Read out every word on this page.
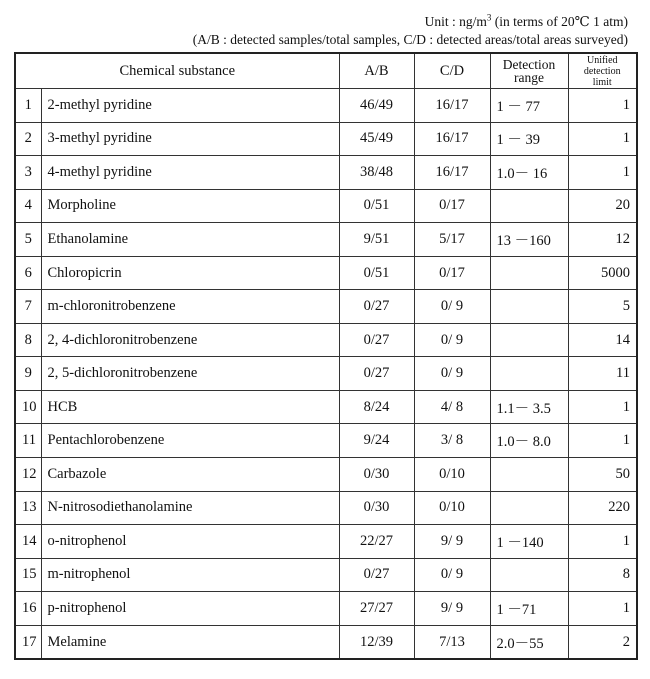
Unit : $ng/m^3$ (in terms of 20℃ 1 atm)
(A/B : detected samples/total samples, C/D : detected areas/total areas surveyed)
Chemical substance		A/B	C/D	Detection range	Unified detection limit
1	2-methyl pyridine	46/49	16/17	1 － 77	1
2	3-methyl pyridine	45/49	16/17	1 － 39	1
3	4-methyl pyridine	38/48	16/17	1.0－ 16	1
4	Morpholine	0/51	0/17		20
5	Ethanolamine	9/51	5/17	13 －160	12
6	Chloropicrin	0/51	0/17		5000
7	m-chloronitrobenzene	0/27	0/ 9		5
8	2, 4-dichloronitrobenzene	0/27	0/ 9		14
9	2, 5-dichloronitrobenzene	0/27	0/ 9		11
10	HCB	8/24	4/ 8	1.1－ 3.5	1
11	Pentachlorobenzene	9/24	3/ 8	1.0－ 8.0	1
12	Carbazole	0/30	0/10		50
13	N-nitrosodiethanolamine	0/30	0/10		220
14	o-nitrophenol	22/27	9/ 9	1 －140	1
15	m-nitrophenol	0/27	0/ 9		8
16	p-nitrophenol	27/27	9/ 9	1 －71	1
17	Melamine	12/39	7/13	2.0－55	2
